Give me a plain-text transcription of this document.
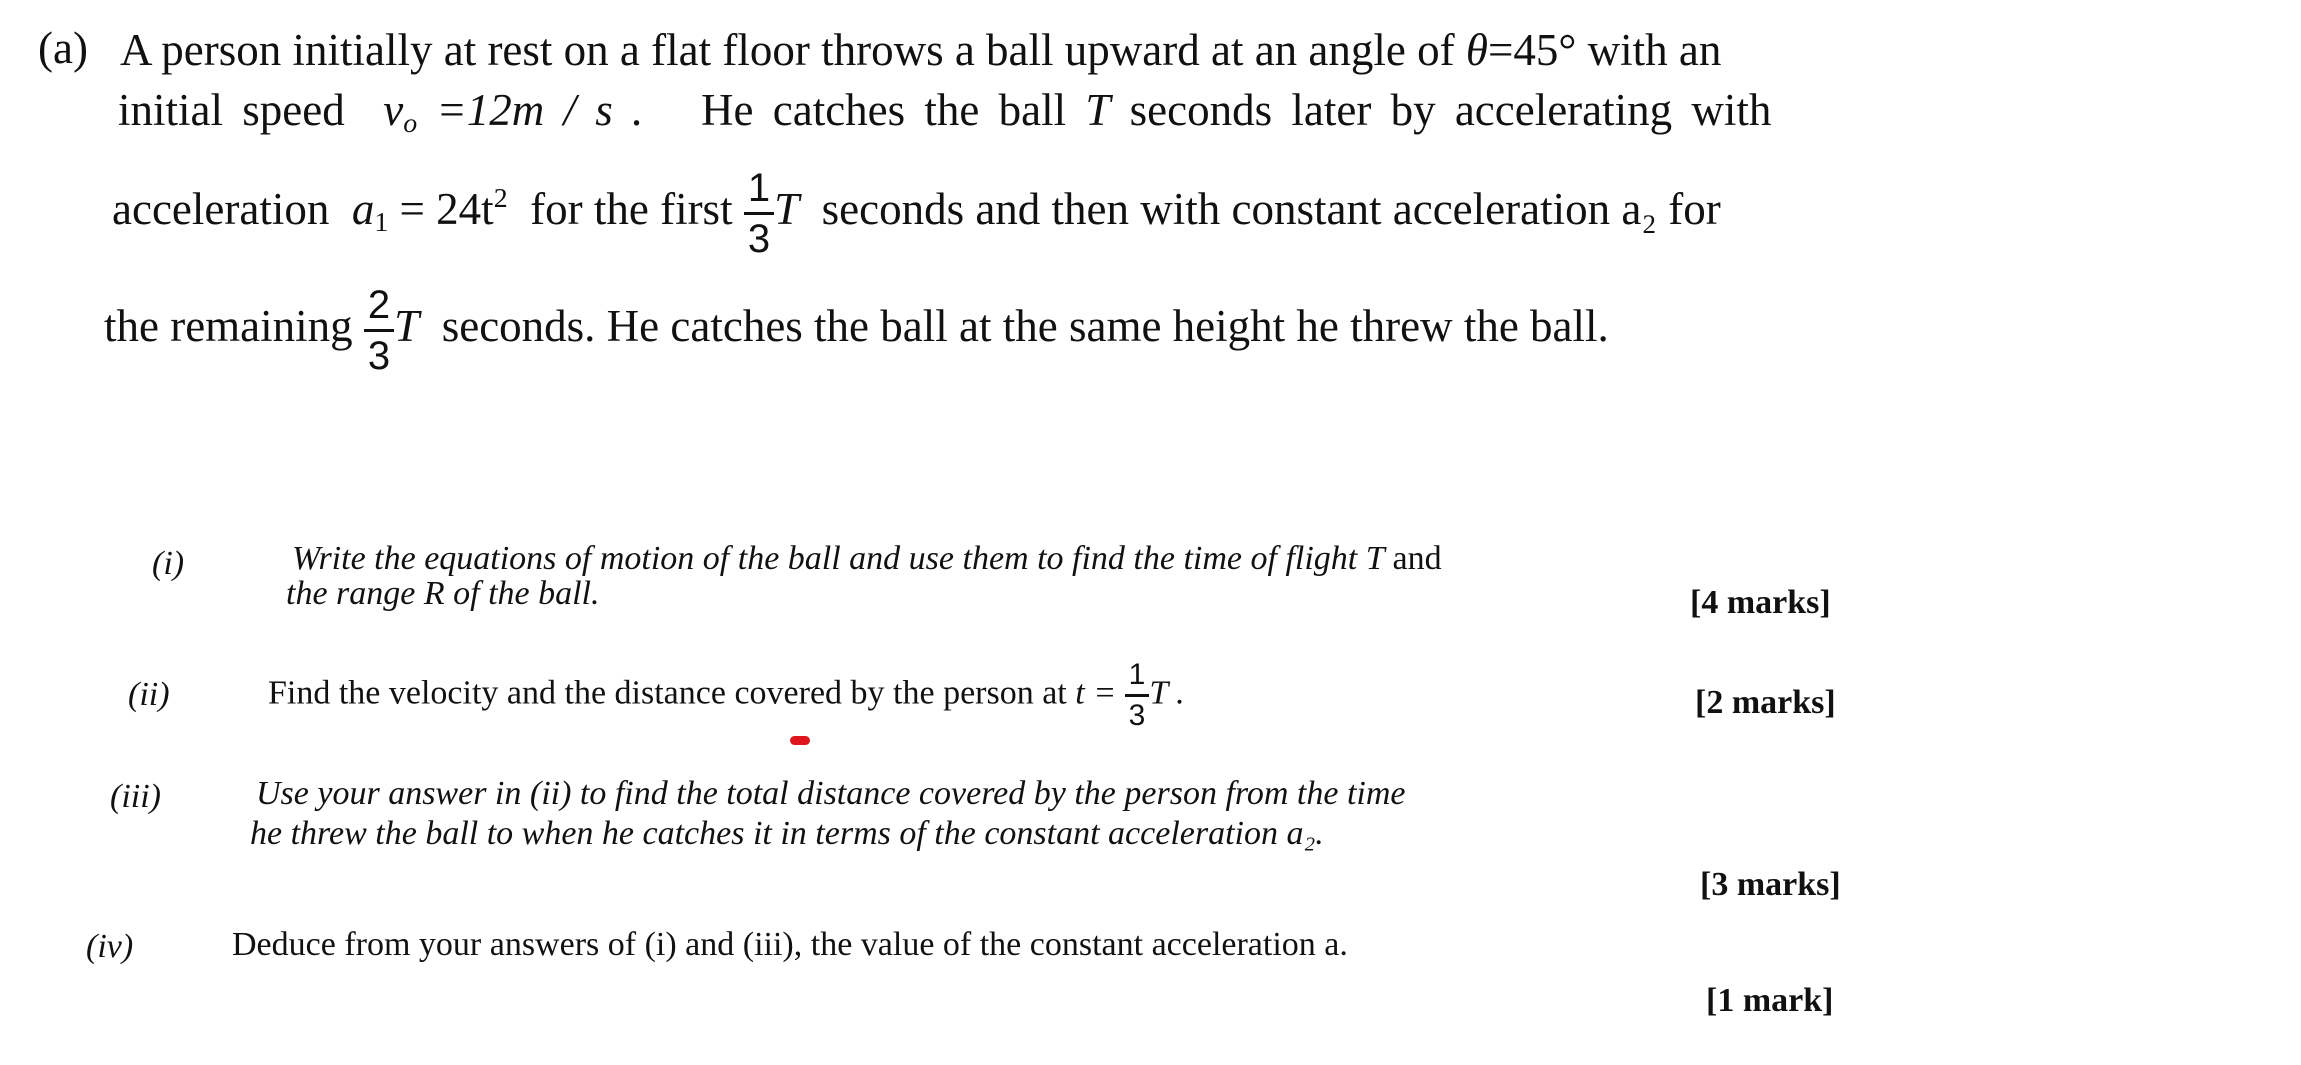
(a) A person initially at rest on a flat floor throws a ball upward at an angle of θ=45° with an
initial speed $v_o =12m / s$ . He catches the ball T seconds later by accelerating with
acceleration $a_1 = 24t^2$ for the first $\frac{1}{3}$ T seconds and then with constant acceleration a₂ for
the remaining $\frac{2}{3}$ T seconds. He catches the ball at the same height he threw the ball.
(i)	Write the equations of motion of the ball and use them to find the time of flight T and
the range R of the ball.	[4 marks]
(ii)	Find the velocity and the distance covered by the person at $t = \frac{1}{3}$ T .	[2 marks]
(iii)	Use your answer in (ii) to find the total distance covered by the person from the time
he threw the ball to when he catches it in terms of the constant acceleration a₂.
[3 marks]
(iv)	Deduce from your answers of (i) and (iii), the value of the constant acceleration a.
[1 mark]
